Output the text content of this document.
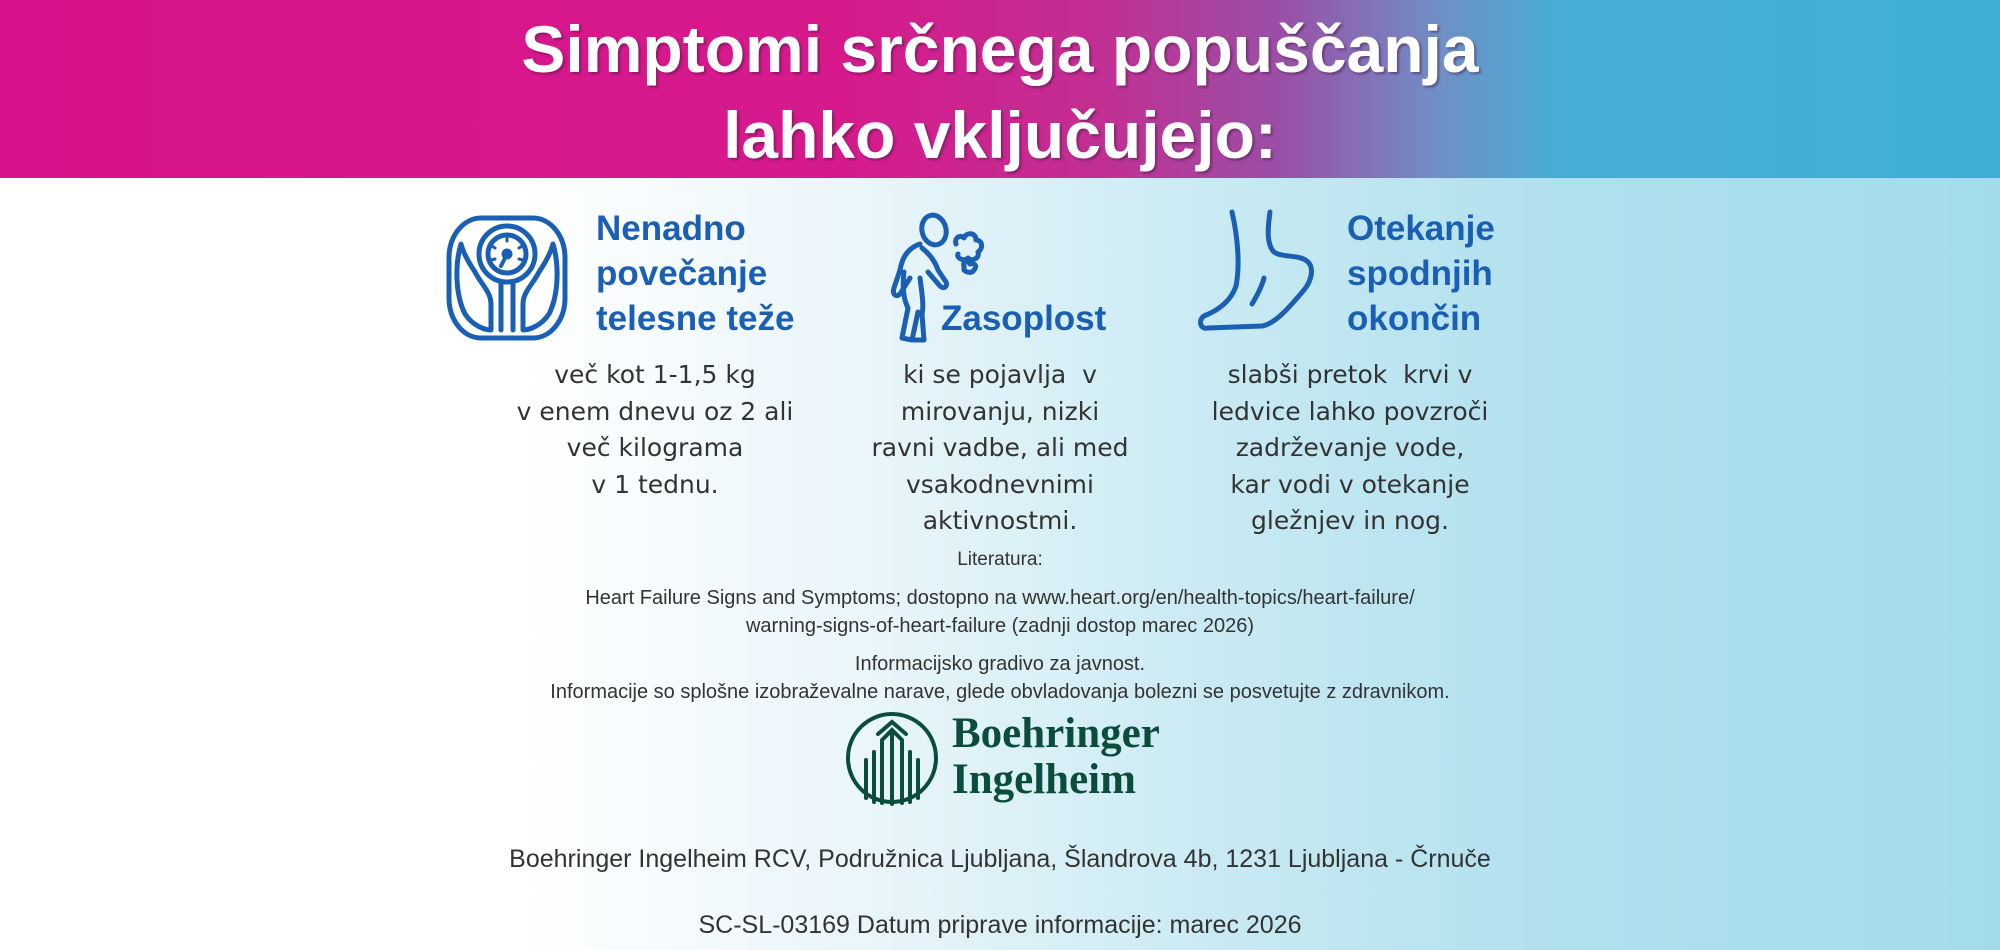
Simptomi srčnega popuščanja
lahko vključujejo:
Nenadno
povečanje
telesne teže

več kot 1-1,5 kg
v enem dnevu oz 2 ali
več kilograma
v 1 tednu.

Zasoplost

ki se pojavlja  v
mirovanju, nizki
ravni vadbe, ali med
vsakodnevnimi
aktivnostmi.

Otekanje
spodnjih
okončin

slabši pretok  krvi v
ledvice lahko povzroči
zadrževanje vode,
kar vodi v otekanje
gležnjev in nog.

Literatura:

Heart Failure Signs and Symptoms; dostopno na www.heart.org/en/health-topics/heart-failure/

warning-signs-of-heart-failure (zadnji dostop marec 2026)

Informacijsko gradivo za javnost.

Informacije so splošne izobraževalne narave, glede obvladovanja bolezni se posvetujte z zdravnikom.

Boehringer

Ingelheim

Boehringer Ingelheim RCV, Podružnica Ljubljana, Šlandrova 4b, 1231 Ljubljana - Črnuče

SC-SL-03169 Datum priprave informacije: marec 2026
